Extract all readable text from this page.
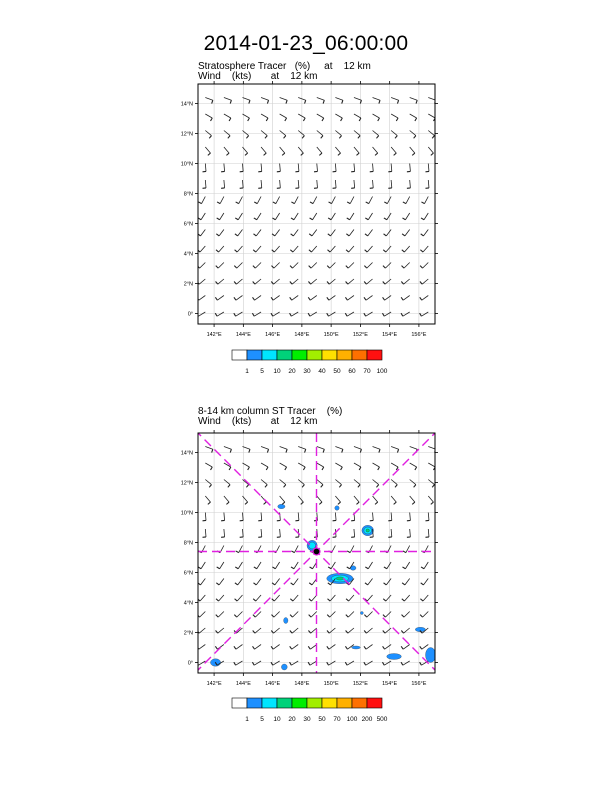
2014-01-23_06:00:00
Stratosphere Tracer   (%)     at    12 km
Wind    (kts)       at    12 km
8-14 km column ST Tracer    (%)
Wind    (kts)       at    12 km
142°E	144°E	146°E	148°E	150°E	152°E	154°E	156°E
0°
2°N
4°N
6°N
8°N
10°N
12°N
14°N
142°E	144°E	146°E	148°E	150°E	152°E	154°E	156°E
0°
2°N
4°N
6°N
8°N
10°N
12°N
14°N
1 5 10 20 30 40 50 60 70 100
1 5 10 20 30 50 70 100 200 500
